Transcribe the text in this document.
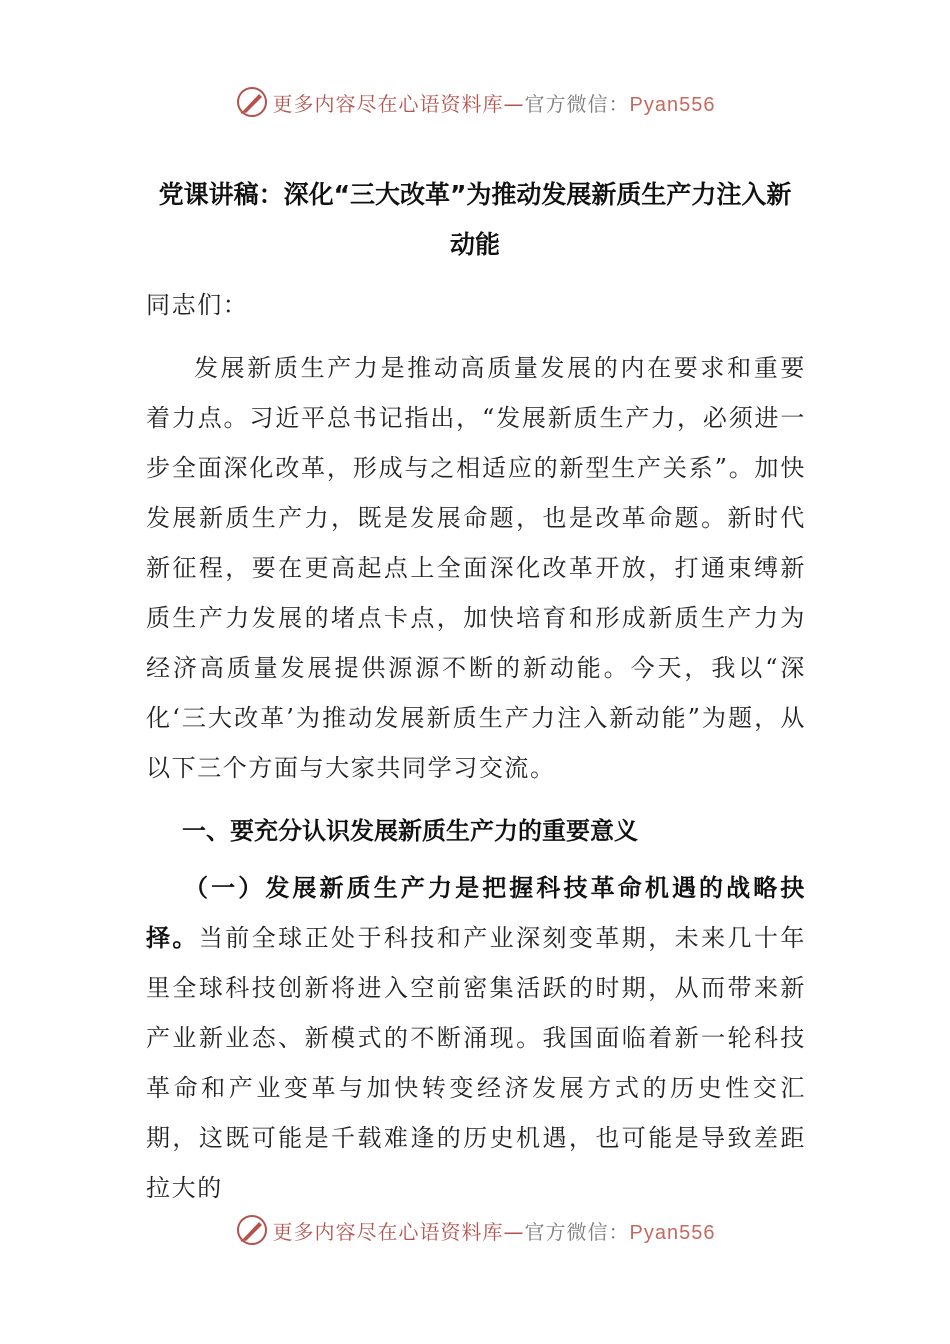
更多内容尽在心语资料库—官方微信：Pyan556
党课讲稿：深化“三大改革”为推动发展新质生产力注入新动能
同志们：
发展新质生产力是推动高质量发展的内在要求和重要着力点。习近平总书记指出，“发展新质生产力，必须进一步全面深化改革，形成与之相适应的新型生产关系”。加快发展新质生产力，既是发展命题，也是改革命题。新时代新征程，要在更高起点上全面深化改革开放，打通束缚新质生产力发展的堵点卡点，加快培育和形成新质生产力为经济高质量发展提供源源不断的新动能。今天，我以“深化‘三大改革’为推动发展新质生产力注入新动能”为题，从以下三个方面与大家共同学习交流。
一、要充分认识发展新质生产力的重要意义
（一）发展新质生产力是把握科技革命机遇的战略抉择。当前全球正处于科技和产业深刻变革期，未来几十年里全球科技创新将进入空前密集活跃的时期，从而带来新产业新业态、新模式的不断涌现。我国面临着新一轮科技革命和产业变革与加快转变经济发展方式的历史性交汇期，这既可能是千载难逢的历史机遇，也可能是导致差距拉大的
更多内容尽在心语资料库—官方微信：Pyan556
